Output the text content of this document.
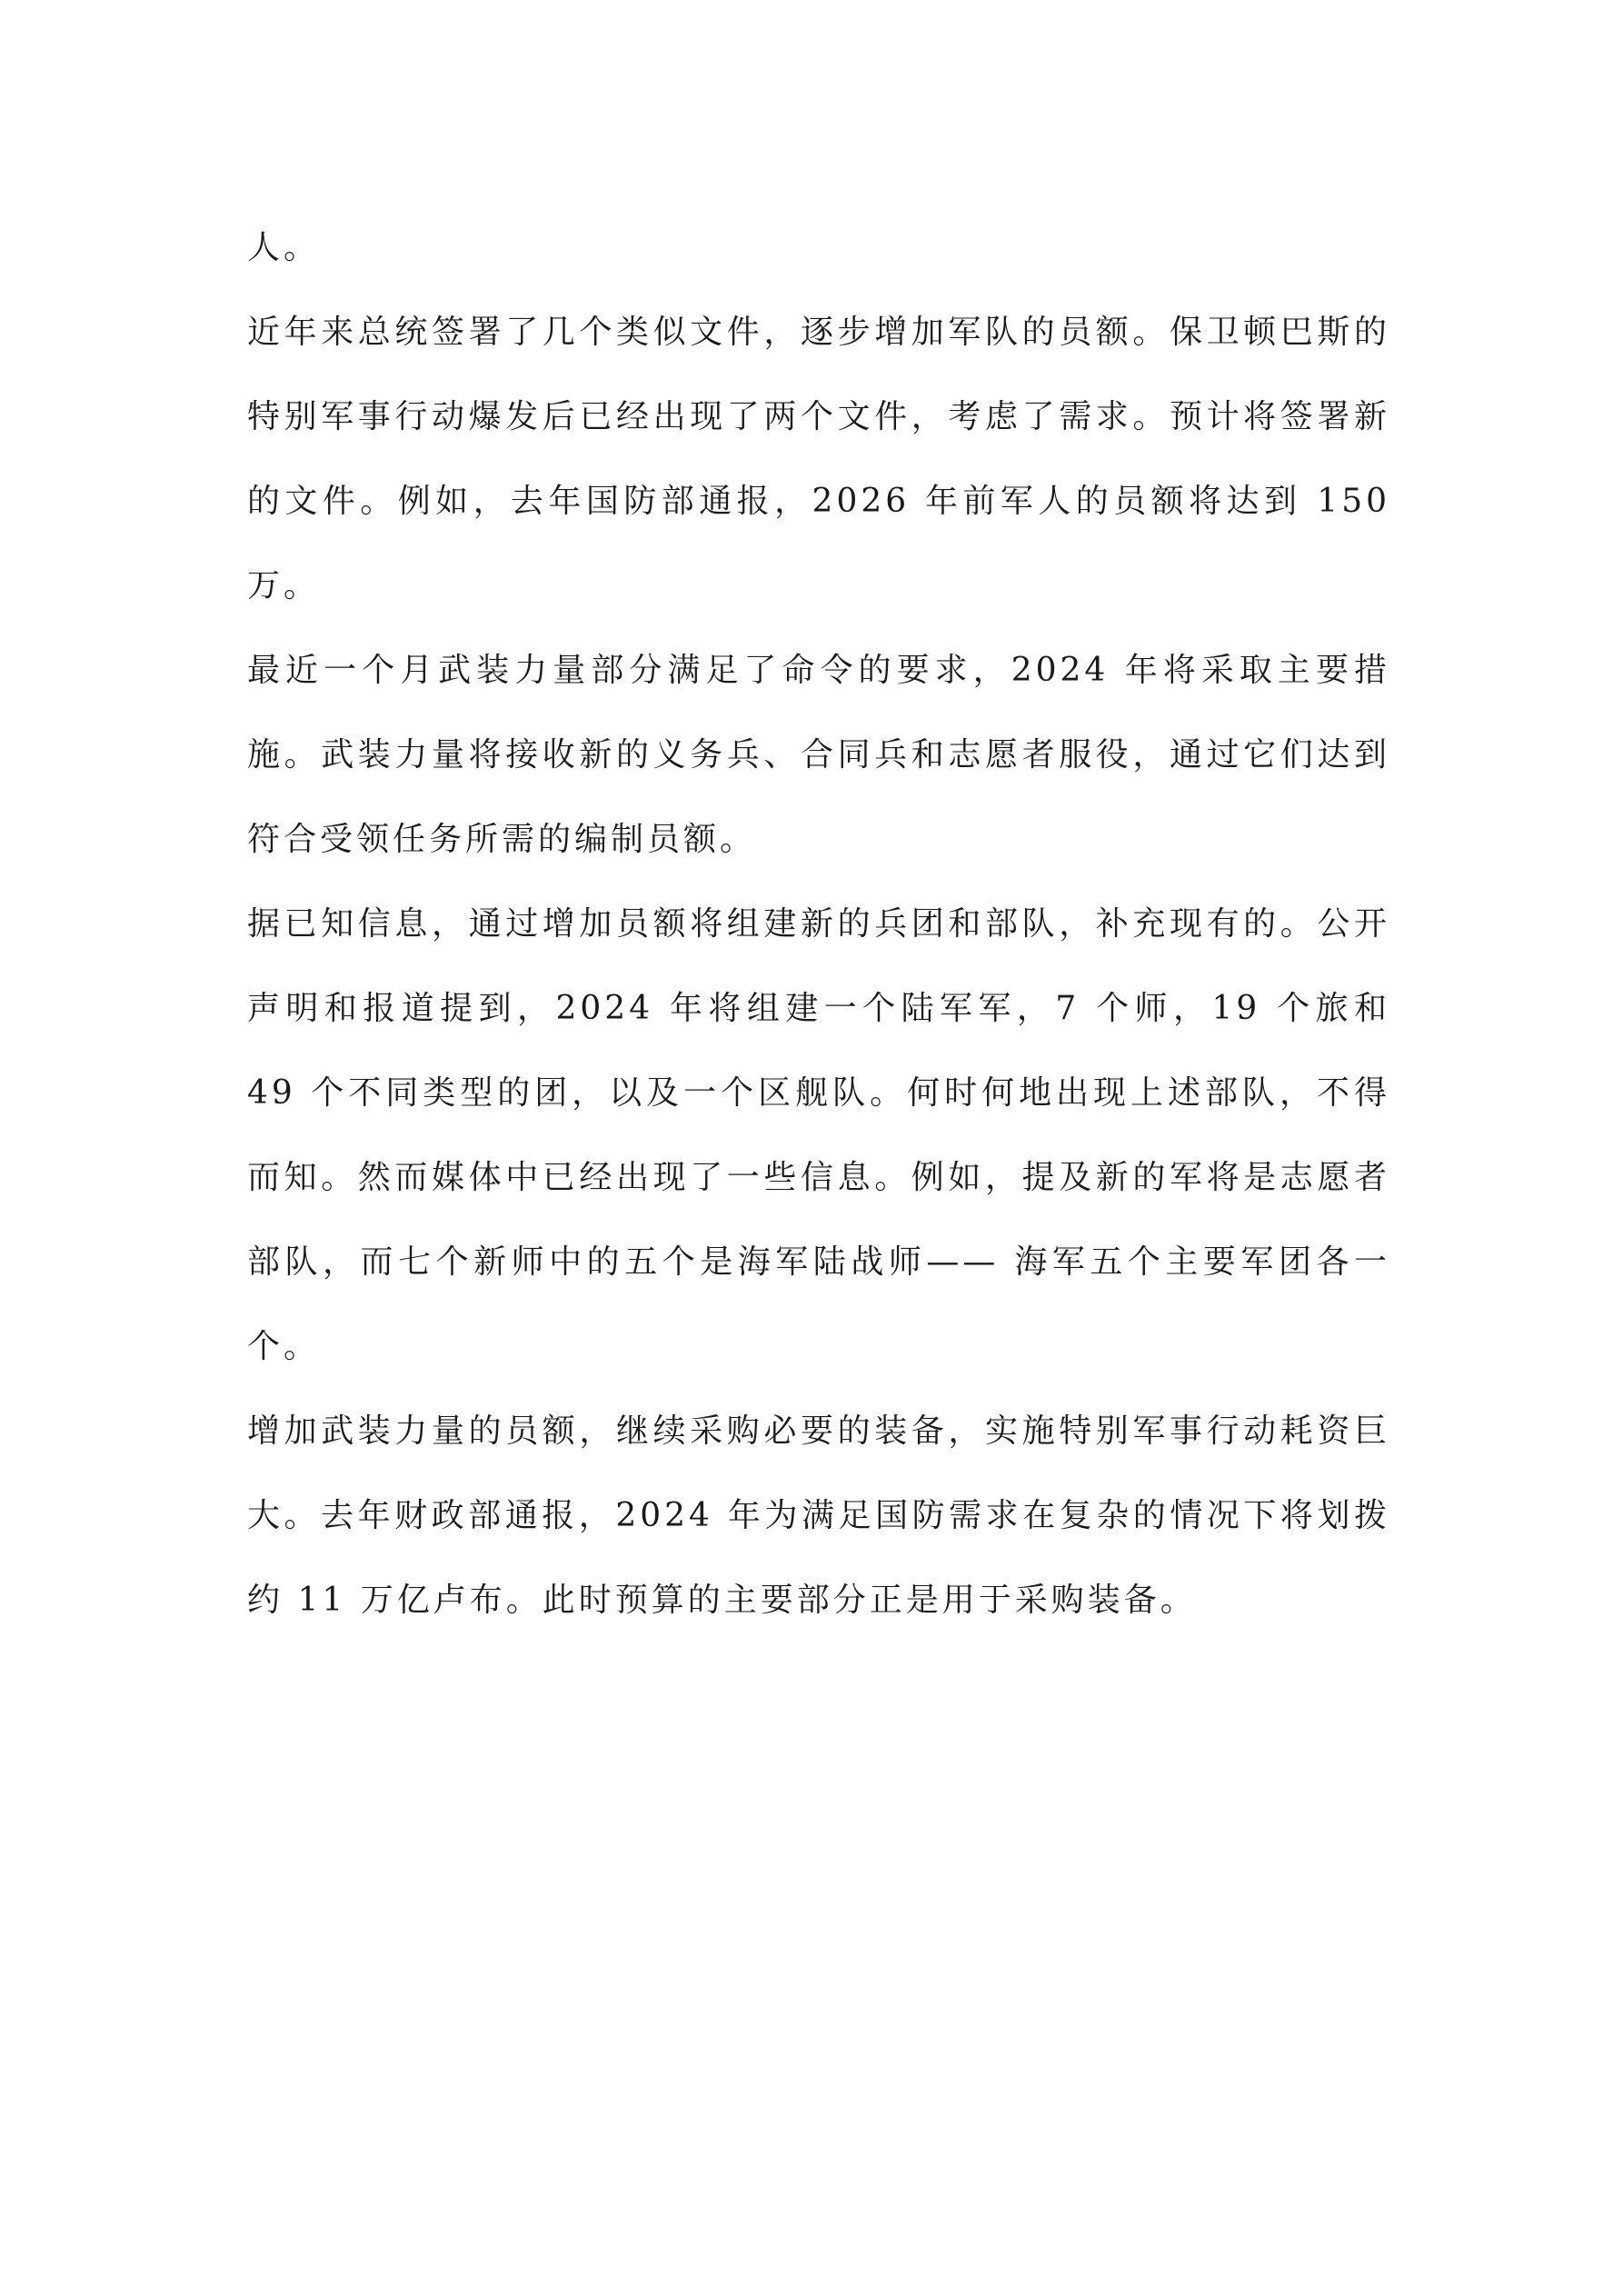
人。

近年来总统签署了几个类似文件，逐步增加军队的员额。保卫顿巴斯的特别军事行动爆发后已经出现了两个文件，考虑了需求。预计将签署新的文件。例如，去年国防部通报，2026 年前军人的员额将达到 150 万。

最近一个月武装力量部分满足了命令的要求，2024 年将采取主要措施。武装力量将接收新的义务兵、合同兵和志愿者服役，通过它们达到符合受领任务所需的编制员额。

据已知信息，通过增加员额将组建新的兵团和部队，补充现有的。公开声明和报道提到，2024 年将组建一个陆军军，7 个师，19 个旅和 49 个不同类型的团，以及一个区舰队。何时何地出现上述部队，不得而知。然而媒体中已经出现了一些信息。例如，提及新的军将是志愿者部队，而七个新师中的五个是海军陆战师—— 海军五个主要军团各一个。

增加武装力量的员额，继续采购必要的装备，实施特别军事行动耗资巨大。去年财政部通报，2024 年为满足国防需求在复杂的情况下将划拨约 11 万亿卢布。此时预算的主要部分正是用于采购装备。
